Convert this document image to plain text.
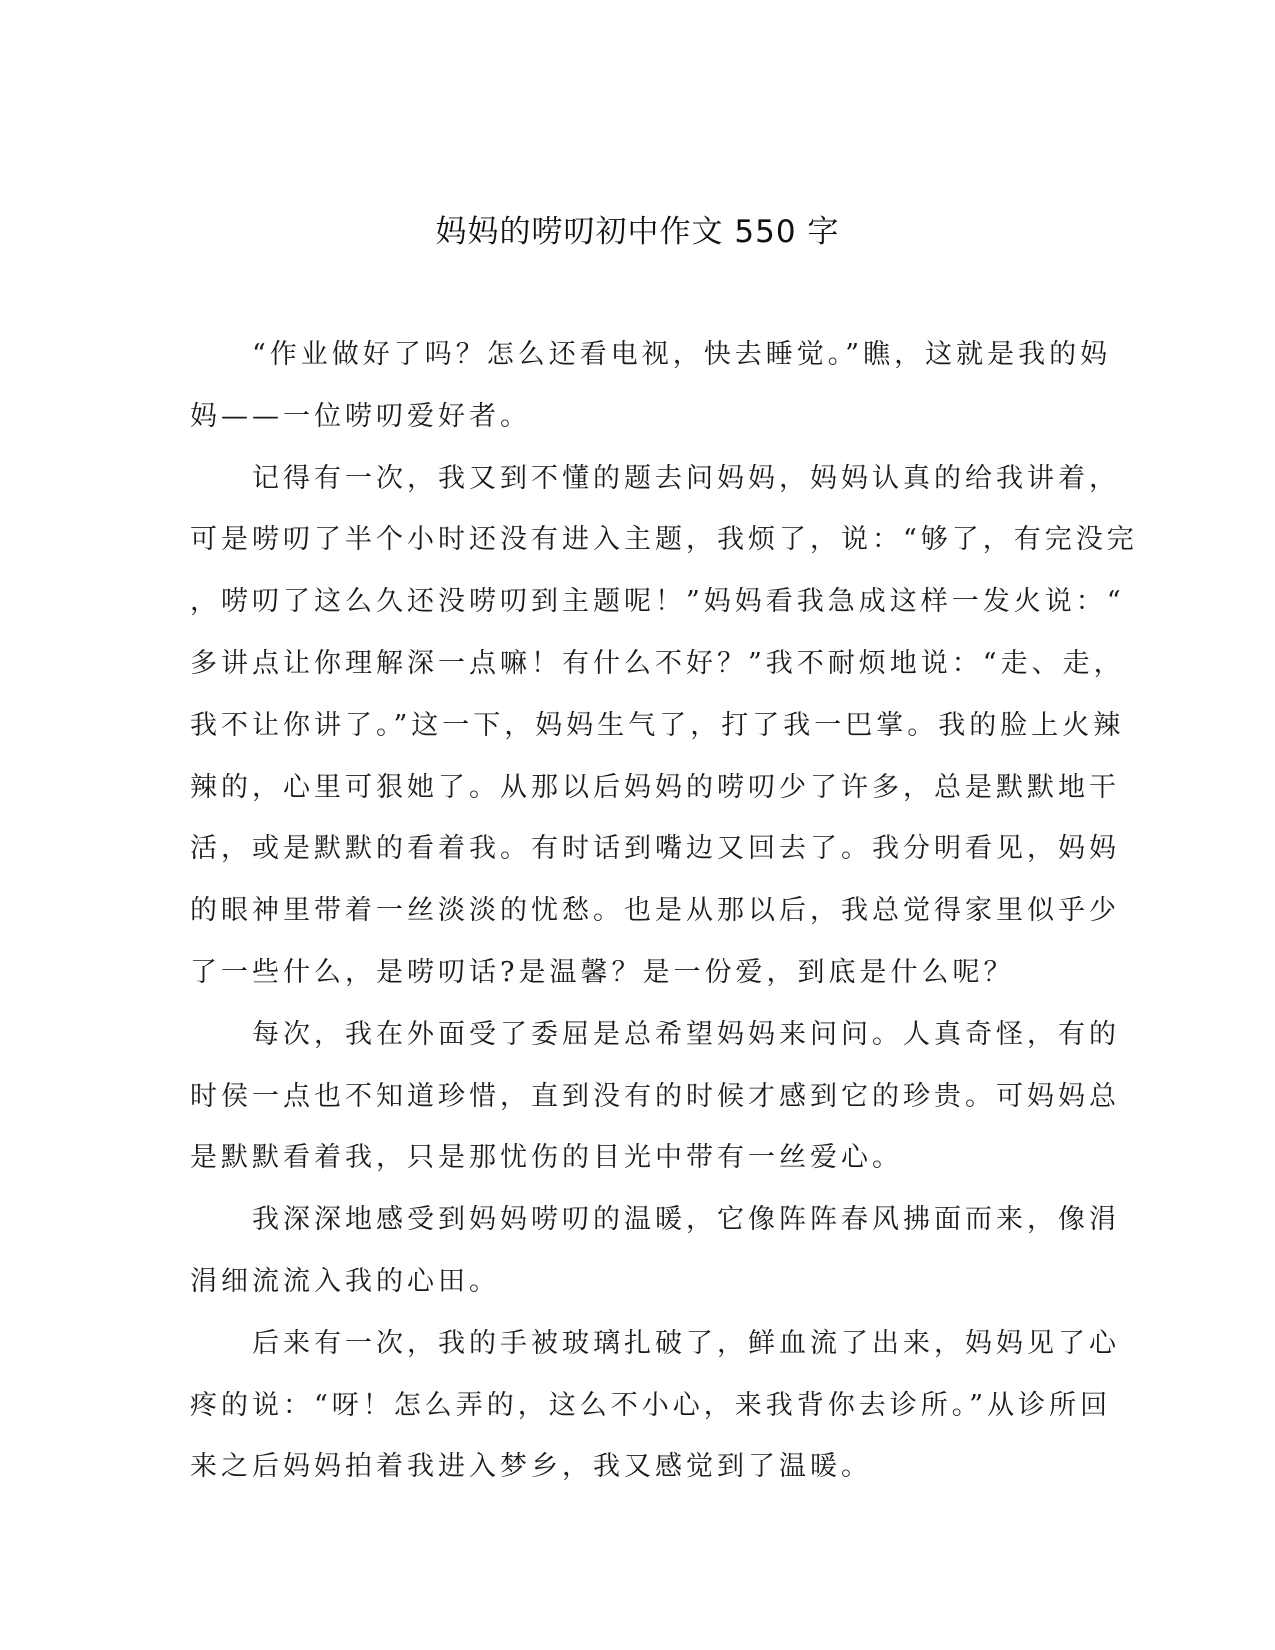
妈妈的唠叨初中作文 550 字
　　“作业做好了吗？怎么还看电视，快去睡觉。”瞧，这就是我的妈
妈——一位唠叨爱好者。
　　记得有一次，我又到不懂的题去问妈妈，妈妈认真的给我讲着，
可是唠叨了半个小时还没有进入主题，我烦了，说：“够了，有完没完
，唠叨了这么久还没唠叨到主题呢！”妈妈看我急成这样一发火说：“
多讲点让你理解深一点嘛！有什么不好？”我不耐烦地说：“走、走，
我不让你讲了。”这一下，妈妈生气了，打了我一巴掌。我的脸上火辣
辣的，心里可狠她了。从那以后妈妈的唠叨少了许多，总是默默地干
活，或是默默的看着我。有时话到嘴边又回去了。我分明看见，妈妈
的眼神里带着一丝淡淡的忧愁。也是从那以后，我总觉得家里似乎少
了一些什么，是唠叨话?是温馨？是一份爱，到底是什么呢？
　　每次，我在外面受了委屈是总希望妈妈来问问。人真奇怪，有的
时侯一点也不知道珍惜，直到没有的时候才感到它的珍贵。可妈妈总
是默默看着我，只是那忧伤的目光中带有一丝爱心。
　　我深深地感受到妈妈唠叨的温暖，它像阵阵春风拂面而来，像涓
涓细流流入我的心田。
　　后来有一次，我的手被玻璃扎破了，鲜血流了出来，妈妈见了心
疼的说：“呀！怎么弄的，这么不小心，来我背你去诊所。”从诊所回
来之后妈妈拍着我进入梦乡，我又感觉到了温暖。
